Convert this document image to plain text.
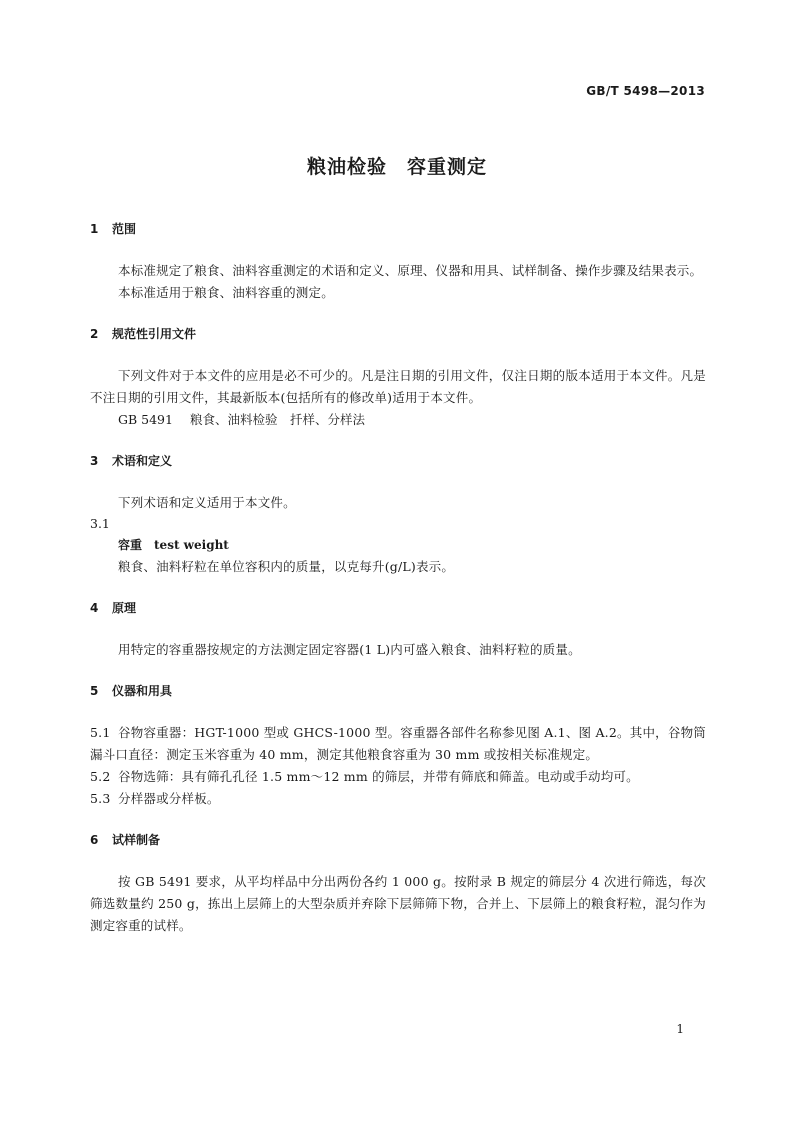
GB/T 5498—2013
粮油检验　容重测定
1 范围

本标准规定了粮食、油料容重测定的术语和定义、原理、仪器和用具、试样制备、操作步骤及结果表示。

本标准适用于粮食、油料容重的测定。

2 规范性引用文件

下列文件对于本文件的应用是必不可少的。凡是注日期的引用文件，仅注日期的版本适用于本文件。凡是不注日期的引用文件，其最新版本(包括所有的修改单)适用于本文件。

GB 5491 粮食、油料检验　扦样、分样法

3 术语和定义

下列术语和定义适用于本文件。

3.1

容重 test weight

粮食、油料籽粒在单位容积内的质量，以克每升(g/L)表示。

4 原理

用特定的容重器按规定的方法测定固定容器(1 L)内可盛入粮食、油料籽粒的质量。

5 仪器和用具

5.1 谷物容重器：HGT-1000 型或 GHCS-1000 型。容重器各部件名称参见图 A.1、图 A.2。其中，谷物筒漏斗口直径：测定玉米容重为 40 mm，测定其他粮食容重为 30 mm 或按相关标准规定。

5.2 谷物选筛：具有筛孔孔径 1.5 mm～12 mm 的筛层，并带有筛底和筛盖。电动或手动均可。

5.3 分样器或分样板。

6 试样制备

按 GB 5491 要求，从平均样品中分出两份各约 1 000 g。按附录 B 规定的筛层分 4 次进行筛选，每次筛选数量约 250 g，拣出上层筛上的大型杂质并弃除下层筛筛下物，合并上、下层筛上的粮食籽粒，混匀作为测定容重的试样。

1
